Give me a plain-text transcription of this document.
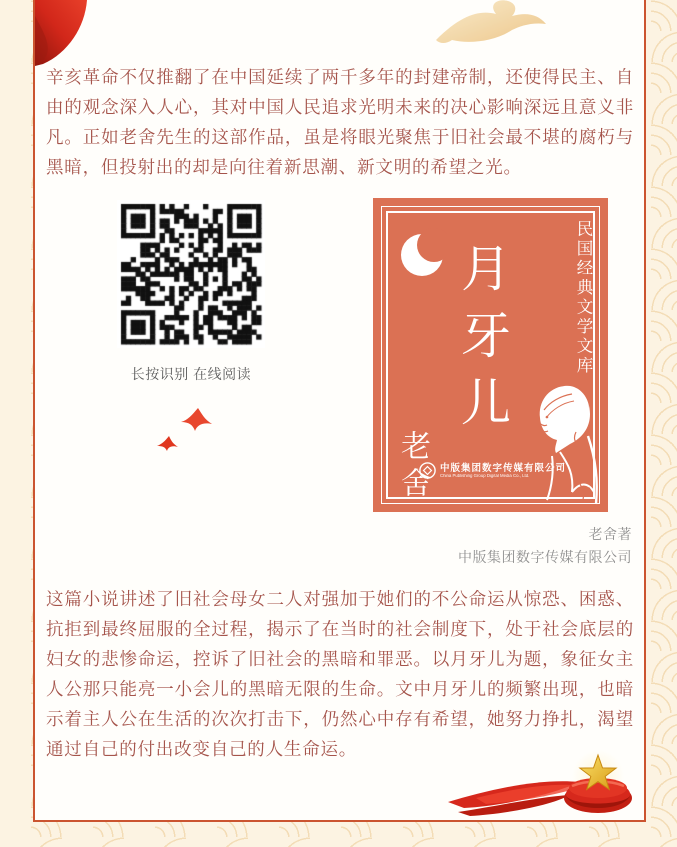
辛亥革命不仅推翻了在中国延续了两千多年的封建帝制，还使得民主、自由的观念深入人心，其对中国人民追求光明未来的决心影响深远且意义非凡。正如老舍先生的这部作品，虽是将眼光聚焦于旧社会最不堪的腐朽与黑暗，但投射出的却是向往着新思潮、新文明的希望之光。
长按识别 在线阅读
月
牙
儿
民国经典文学文库
老舍	中版集团数字传媒有限公司
China Publishing Group Digital Media Co., Ltd.
老舍著
中版集团数字传媒有限公司
这篇小说讲述了旧社会母女二人对强加于她们的不公命运从惊恐、困惑、抗拒到最终屈服的全过程，揭示了在当时的社会制度下，处于社会底层的妇女的悲惨命运，控诉了旧社会的黑暗和罪恶。以月牙儿为题，象征女主人公那只能亮一小会儿的黑暗无限的生命。文中月牙儿的频繁出现，也暗示着主人公在生活的次次打击下，仍然心中存有希望，她努力挣扎，渴望通过自己的付出改变自己的人生命运。
